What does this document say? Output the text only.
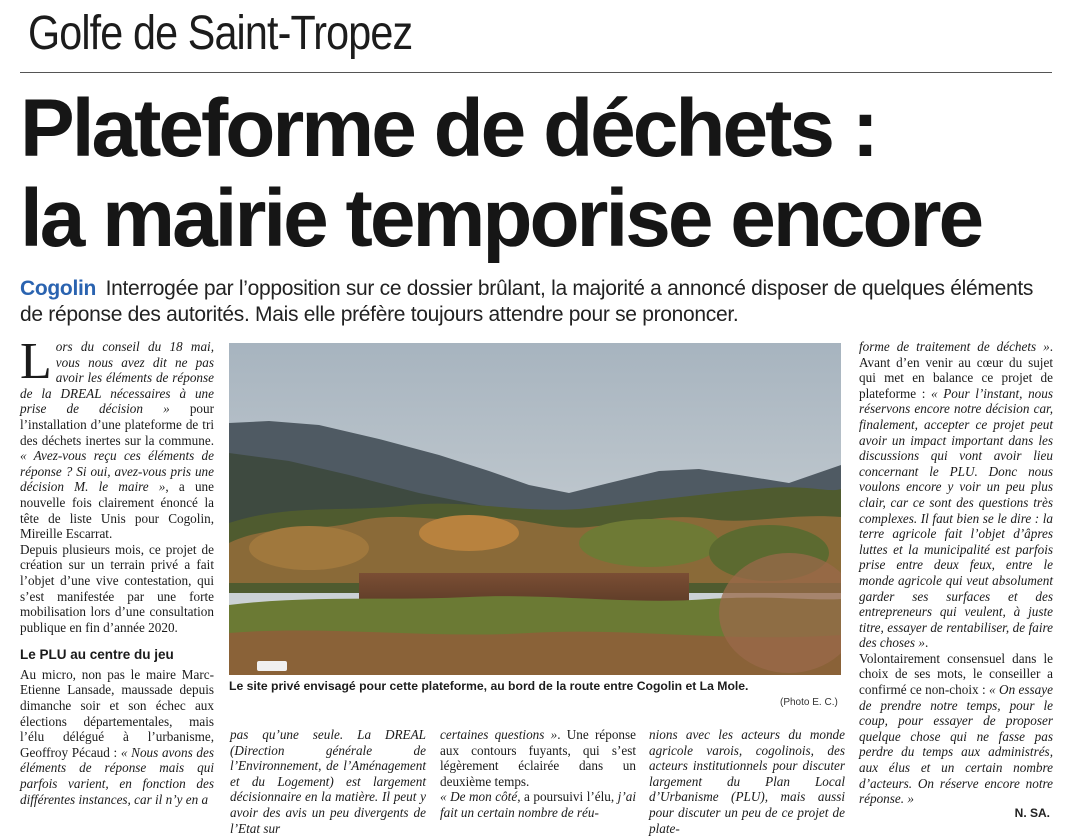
Golfe de Saint-Tropez
Plateforme de déchets :
la mairie temporise encore
Cogolin Interrogée par l’opposition sur ce dossier brûlant, la majorité a annoncé disposer de quelques éléments de réponse des autorités. Mais elle préfère toujours attendre pour se prononcer.

Lors du conseil du 18 mai, vous nous avez dit ne pas avoir les éléments de réponse de la DREAL nécessaires à une prise de décision » pour l’installation d’une plateforme de tri des déchets inertes sur la commune. « Avez-vous reçu ces éléments de réponse ? Si oui, avez-vous pris une décision M. le maire », a une nouvelle fois clairement énoncé la tête de liste Unis pour Cogolin, Mireille Escarrat.

Depuis plusieurs mois, ce projet de création sur un terrain privé a fait l’objet d’une vive contestation, qui s’est manifestée par une forte mobilisation lors d’une consultation publique en fin d’année 2020.

Le PLU au centre du jeu

Au micro, non pas le maire Marc-Etienne Lansade, maussade depuis dimanche soir et son échec aux élections départementales, mais l’élu délégué à l’urbanisme, Geoffroy Pécaud : « Nous avons des éléments de réponse mais qui parfois varient, en fonction des différentes instances, car il n’y en a

Le site privé envisagé pour cette plateforme, au bord de la route entre Cogolin et La Mole.
(Photo E. C.)

pas qu’une seule. La DREAL (Direction générale de l’Environnement, de l’Aménagement et du Logement) est largement décisionnaire en la matière. Il peut y avoir des avis un peu divergents de l’Etat sur

certaines questions ». Une réponse aux contours fuyants, qui s’est légèrement éclairée dans un deuxième temps.

« De mon côté, a poursuivi l’élu, j’ai fait un certain nombre de réu-

nions avec les acteurs du monde agricole varois, cogolinois, des acteurs institutionnels pour discuter largement du Plan Local d’Urbanisme (PLU), mais aussi pour discuter un peu de ce projet de plate-

forme de traitement de déchets ». Avant d’en venir au cœur du sujet qui met en balance ce projet de plateforme : « Pour l’instant, nous réservons encore notre décision car, finalement, accepter ce projet peut avoir un impact important dans les discussions qui vont avoir lieu concernant le PLU. Donc nous voulons encore y voir un peu plus clair, car ce sont des questions très complexes. Il faut bien se le dire : la terre agricole fait l’objet d’âpres luttes et la municipalité est parfois prise entre deux feux, entre le monde agricole qui veut absolument garder ses surfaces et des entrepreneurs qui veulent, à juste titre, essayer de rentabiliser, de faire des choses ».

Volontairement consensuel dans le choix de ses mots, le conseiller a confirmé ce non-choix : « On essaye de prendre notre temps, pour le coup, pour essayer de proposer quelque chose qui ne fasse pas perdre du temps aux administrés, aux élus et un certain nombre d’acteurs. On réserve encore notre réponse. »

N. SA.
